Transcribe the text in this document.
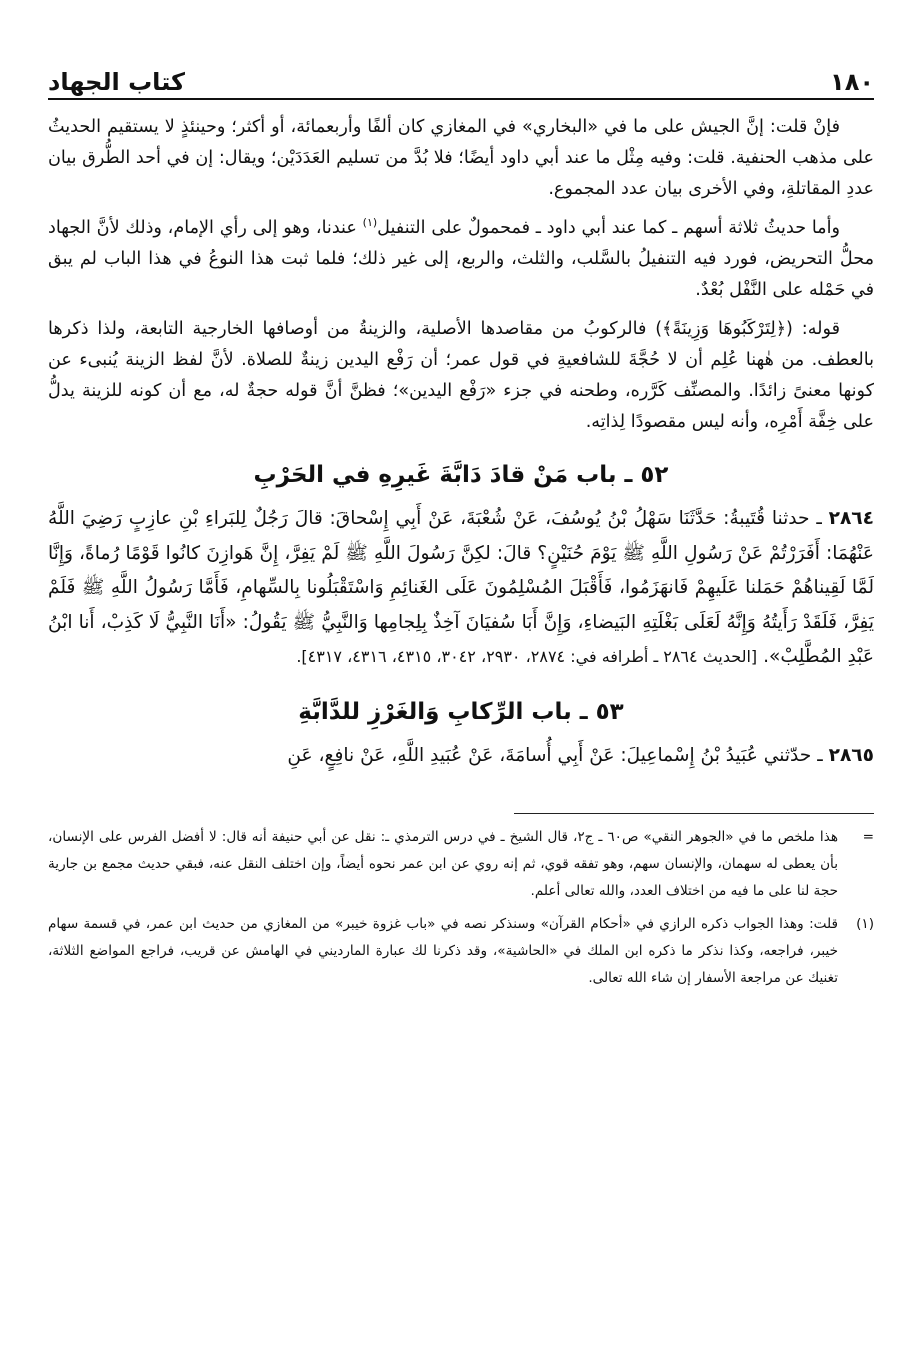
كتاب الجهاد	١٨٠

فإنْ قلت: إنَّ الجيش على ما في «البخاري» في المغازي كان ألفًا وأربعمائة، أو أكثر؛ وحينئذٍ لا يستقيم الحديثُ على مذهب الحنفية. قلت: وفيه مِثْل ما عند أبي داود أيضًا؛ فلا بُدَّ من تسليم العَدَدَيْن؛ ويقال: إن في أحد الطُّرق بيان عددِ المقاتلةِ، وفي الأخرى بيان عدد المجموع.

وأما حديثُ ثلاثة أسهم ـ كما عند أبي داود ـ فمحمولٌ على التنفيل$^{(١)}$ عندنا، وهو إلى رأي الإمام، وذلك لأنَّ الجهاد محلُّ التحريض، فورد فيه التنفيلُ بالسَّلب، والثلث، والربع، إلى غير ذلك؛ فلما ثبت هذا النوعُ في هذا الباب لم يبق في حَمْله على النَّفْل بُعْدٌ.

قوله: (﴿لِتَرْكَبُوهَا وَزِينَةً﴾) فالركوبُ من مقاصدها الأصلية، والزينةُ من أوصافها الخارجية التابعة، ولذا ذكرها بالعطف. من هٰهنا عُلِم أن لا حُجَّةَ للشافعيةِ في قول عمر؛ أن رَفْع اليدين زينةٌ للصلاة. لأنَّ لفظ الزينة يُنبىء عن كونها معنىً زائدًا. والمصنِّف كَرَّره، وطحنه في جزء «رَفْع اليدين»؛ فظنَّ أنَّ قوله حجةٌ له، مع أن كونه للزينة يدلُّ على خِفَّة أَمْرِه، وأنه ليس مقصودًا لِذاتِه.

٥٢ ـ باب مَنْ قادَ دَابَّةَ غَيرِهِ في الحَرْبِ

٢٨٦٤ ـ حدثنا قُتَيبةُ: حَدَّثَنَا سَهْلُ بْنُ يُوسُفَ، عَنْ شُعْبَةَ، عَنْ أَبِي إِسْحاقَ: قالَ رَجُلٌ لِلبَراءِ بْنِ عازِبٍ رَضِيَ اللَّهُ عَنْهُمَا: أَفَرَرْتُمْ عَنْ رَسُولِ اللَّهِ ﷺ يَوْمَ حُنَيْنٍ؟ قالَ: لكِنَّ رَسُولَ اللَّهِ ﷺ لَمْ يَفِرَّ، إِنَّ هَوازِنَ كانُوا قَوْمًا رُماةً، وَإِنَّا لَمَّا لَقِيناهُمْ حَمَلنا عَلَيهِمْ فَانهَزَمُوا، فَأَقْبَلَ المُسْلِمُونَ عَلَى الغَنائِمِ وَاسْتَقْبَلُونا بِالسِّهامِ، فَأَمَّا رَسُولُ اللَّهِ ﷺ فَلَمْ يَفِرَّ، فَلَقَدْ رَأَيتُهُ وَإِنَّهُ لَعَلَى بَغْلَتِهِ البَيضاءِ، وَإِنَّ أَبَا سُفيَانَ آخِذٌ بِلِجامِها وَالنَّبِيُّ ﷺ يَقُولُ: «أَنَا النَّبِيُّ لَا كَذِبْ، أَنا ابْنُ عَبْدِ المُطَّلِبْ». [الحديث ٢٨٦٤ ـ أطرافه في: ٢٨٧٤، ٢٩٣٠، ٣٠٤٢، ٤٣١٥، ٤٣١٦، ٤٣١٧].

٥٣ ـ باب الرِّكابِ وَالغَرْزِ للدَّابَّةِ

٢٨٦٥ ـ حدّثني عُبَيدُ بْنُ إِسْماعِيلَ: عَنْ أَبِي أُسامَةَ، عَنْ عُبَيدِ اللَّهِ، عَنْ نافِعٍ، عَنِ

=
هذا ملخص ما في «الجوهر النقي» ص٦٠ ـ ج٢، قال الشيخ ـ في درس الترمذي ـ: نقل عن أبي حنيفة أنه قال: لا أفضل الفرس على الإنسان، بأن يعطى له سهمان، والإنسان سهم، وهو تفقه قوي، ثم إنه روي عن ابن عمر نحوه أيضاً، وإن اختلف النقل عنه، فبقي حديث مجمع بن جارية حجة لنا على ما فيه من اختلاف العدد، والله تعالى أعلم.
(١)
قلت: وهذا الجواب ذكره الرازي في «أحكام القرآن» وسنذكر نصه في «باب غزوة خيبر» من المغازي من حديث ابن عمر، في قسمة سهام خيبر، فراجعه، وكذا نذكر ما ذكره ابن الملك في «الحاشية»، وقد ذكرنا لك عبارة المارديني في الهامش عن قريب، فراجع المواضع الثلاثة، تغنيك عن مراجعة الأسفار إن شاء الله تعالى.
